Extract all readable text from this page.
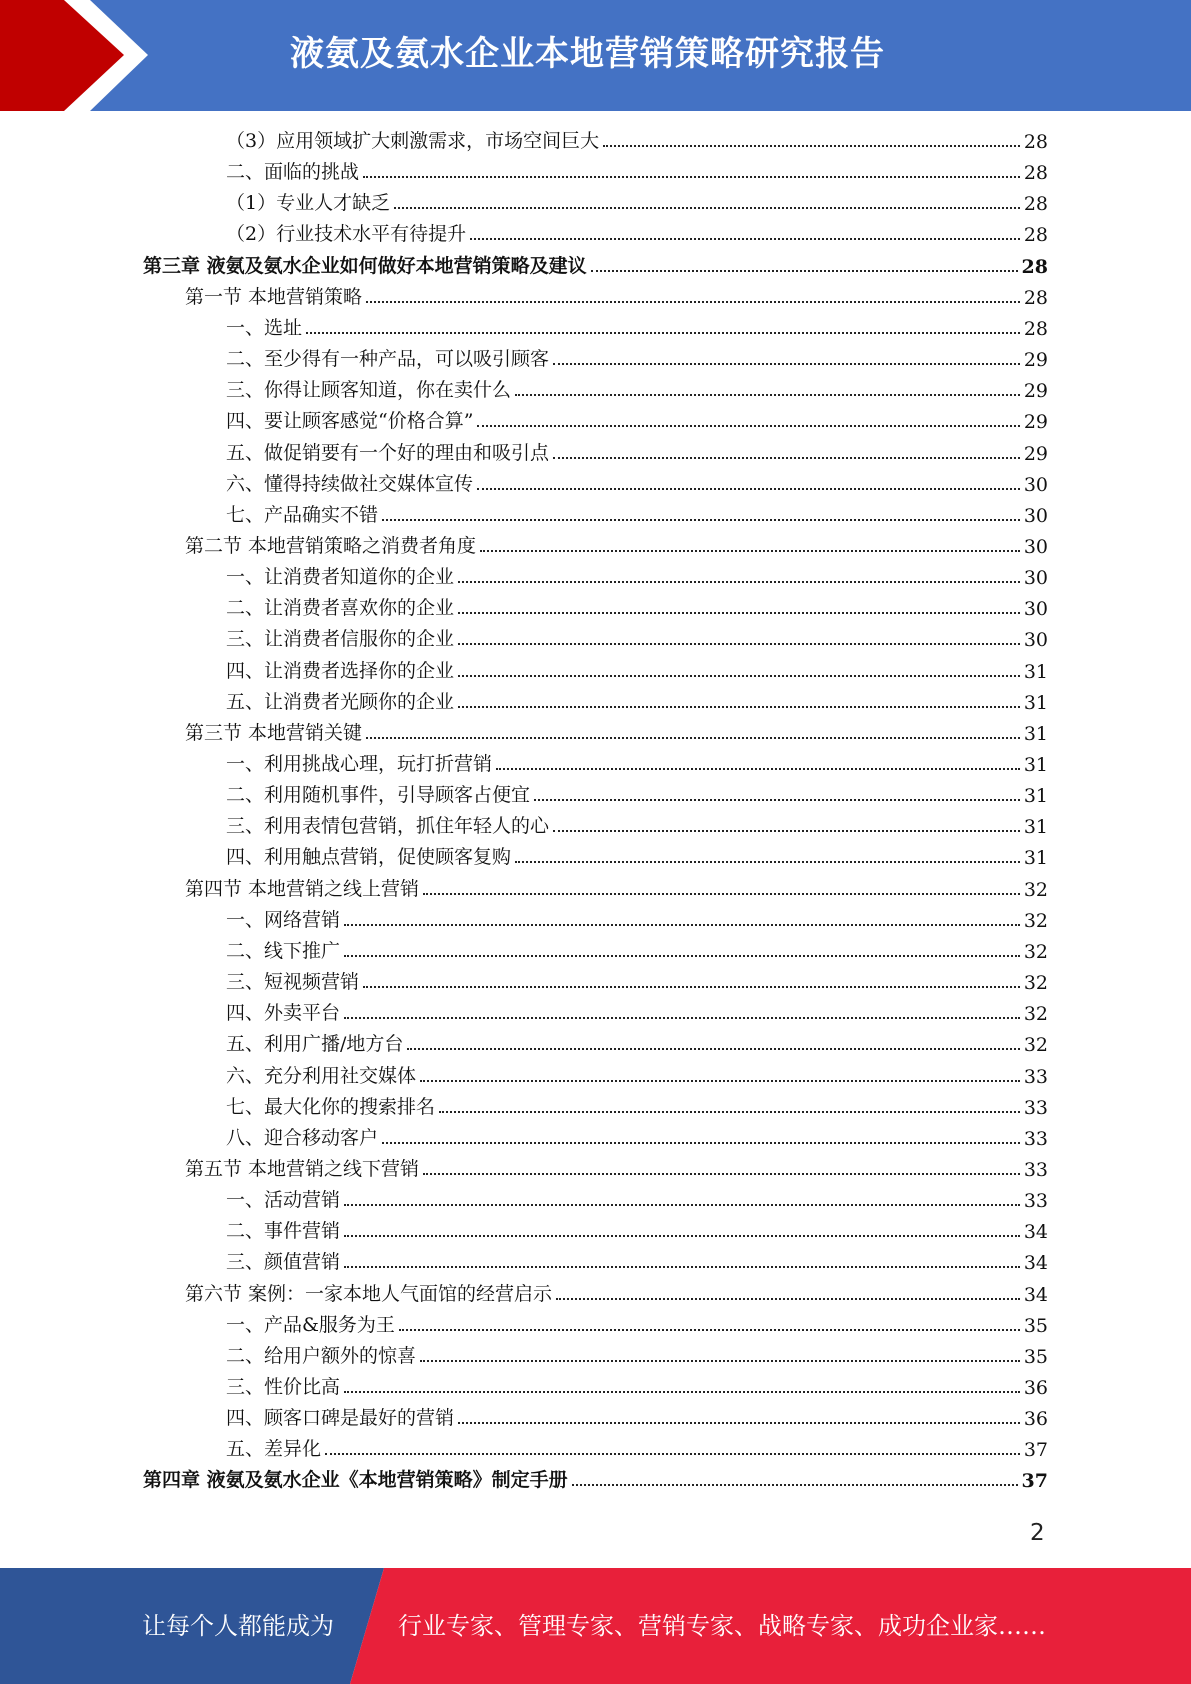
液氨及氨水企业本地营销策略研究报告
（3）应用领域扩大刺激需求，市场空间巨大	28
二、面临的挑战	28
（1）专业人才缺乏	28
（2）行业技术水平有待提升	28
第三章 液氨及氨水企业如何做好本地营销策略及建议	28
第一节 本地营销策略	28
一、选址	28
二、至少得有一种产品，可以吸引顾客	29
三、你得让顾客知道，你在卖什么	29
四、要让顾客感觉“价格合算”	29
五、做促销要有一个好的理由和吸引点	29
六、懂得持续做社交媒体宣传	30
七、产品确实不错	30
第二节 本地营销策略之消费者角度	30
一、让消费者知道你的企业	30
二、让消费者喜欢你的企业	30
三、让消费者信服你的企业	30
四、让消费者选择你的企业	31
五、让消费者光顾你的企业	31
第三节 本地营销关键	31
一、利用挑战心理，玩打折营销	31
二、利用随机事件，引导顾客占便宜	31
三、利用表情包营销，抓住年轻人的心	31
四、利用触点营销，促使顾客复购	31
第四节 本地营销之线上营销	32
一、网络营销	32
二、线下推广	32
三、短视频营销	32
四、外卖平台	32
五、利用广播/地方台	32
六、充分利用社交媒体	33
七、最大化你的搜索排名	33
八、迎合移动客户	33
第五节 本地营销之线下营销	33
一、活动营销	33
二、事件营销	34
三、颜值营销	34
第六节 案例：一家本地人气面馆的经营启示	34
一、产品&服务为王	35
二、给用户额外的惊喜	35
三、性价比高	36
四、顾客口碑是最好的营销	36
五、差异化	37
第四章 液氨及氨水企业《本地营销策略》制定手册	37
2
让每个人都能成为	行业专家、管理专家、营销专家、战略专家、成功企业家……
